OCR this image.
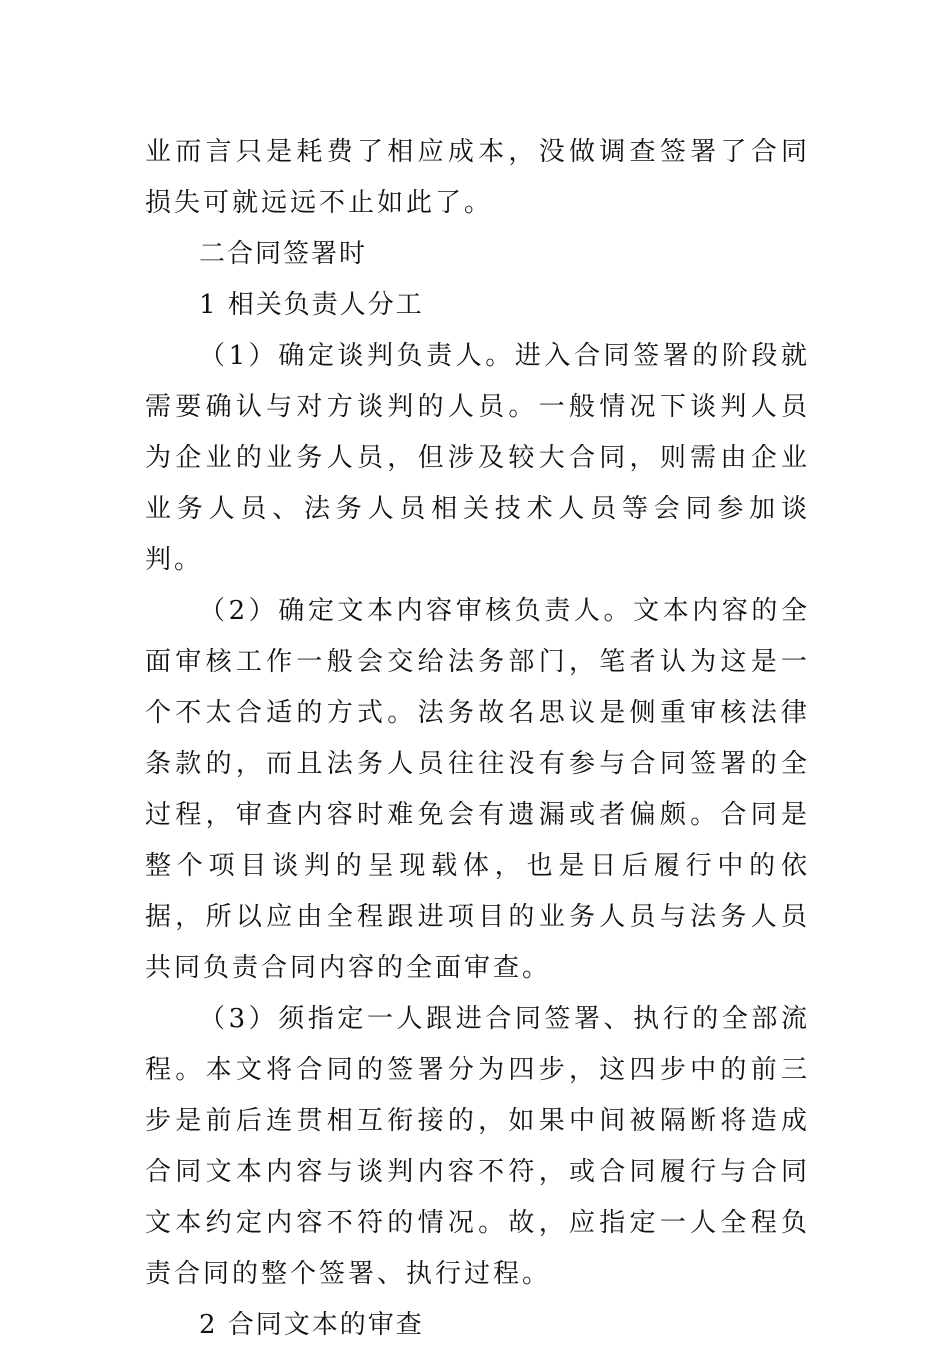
业而言只是耗费了相应成本，没做调查签署了合同损失可就远远不止如此了。

二合同签署时

1 相关负责人分工

（1）确定谈判负责人。进入合同签署的阶段就需要确认与对方谈判的人员。一般情况下谈判人员为企业的业务人员，但涉及较大合同，则需由企业业务人员、法务人员相关技术人员等会同参加谈判。

（2）确定文本内容审核负责人。文本内容的全面审核工作一般会交给法务部门，笔者认为这是一个不太合适的方式。法务故名思议是侧重审核法律条款的，而且法务人员往往没有参与合同签署的全过程，审查内容时难免会有遗漏或者偏颇。合同是整个项目谈判的呈现载体，也是日后履行中的依据，所以应由全程跟进项目的业务人员与法务人员共同负责合同内容的全面审查。

（3）须指定一人跟进合同签署、执行的全部流程。本文将合同的签署分为四步，这四步中的前三步是前后连贯相互衔接的，如果中间被隔断将造成合同文本内容与谈判内容不符，或合同履行与合同文本约定内容不符的情况。故，应指定一人全程负责合同的整个签署、执行过程。

2 合同文本的审查
